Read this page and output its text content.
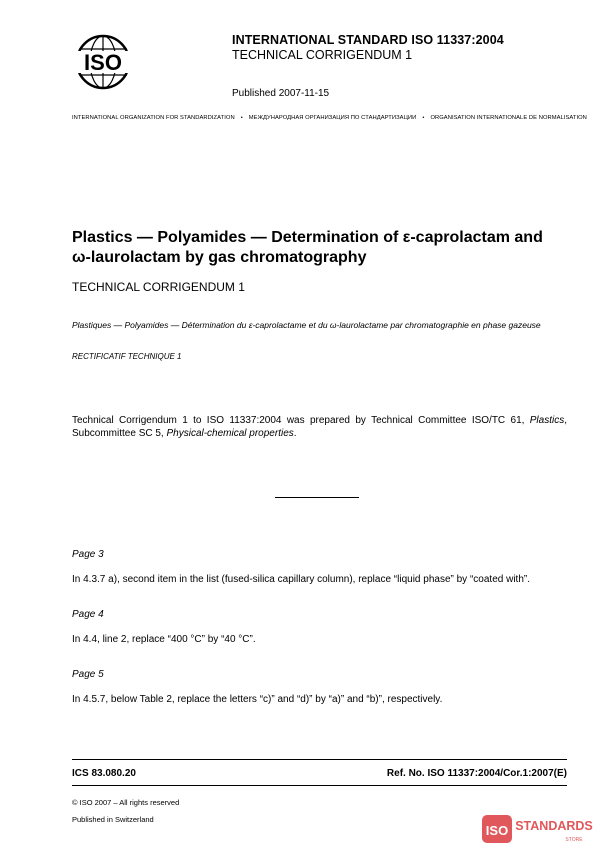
ISO
INTERNATIONAL STANDARD ISO 11337:2004
TECHNICAL CORRIGENDUM 1
Published 2007-11-15
INTERNATIONAL ORGANIZATION FOR STANDARDIZATION • МЕЖДУНАРОДНАЯ ОРГАНИЗАЦИЯ ПО СТАНДАРТИЗАЦИИ • ORGANISATION INTERNATIONALE DE NORMALISATION
Plastics — Polyamides — Determination of ε-caprolactam and
ω-laurolactam by gas chromatography
TECHNICAL CORRIGENDUM 1
Plastiques — Polyamides — Détermination du ε-caprolactame et du ω-laurolactame par chromatographie en phase gazeuse
RECTIFICATIF TECHNIQUE 1
Technical Corrigendum 1 to ISO 11337:2004 was prepared by Technical Committee ISO/TC 61, Plastics, Subcommittee SC 5, Physical-chemical properties.
Page 3
In 4.3.7 a), second item in the list (fused-silica capillary column), replace “liquid phase” by “coated with”.
Page 4
In 4.4, line 2, replace “400 °C” by “40 °C”.
Page 5
In 4.5.7, below Table 2, replace the letters “c)” and “d)” by “a)” and “b)”, respectively.
ICS 83.080.20	Ref. No. ISO 11337:2004/Cor.1:2007(E)
© ISO 2007 – All rights reserved
Published in Switzerland
ISO STANDARDS
STORE
